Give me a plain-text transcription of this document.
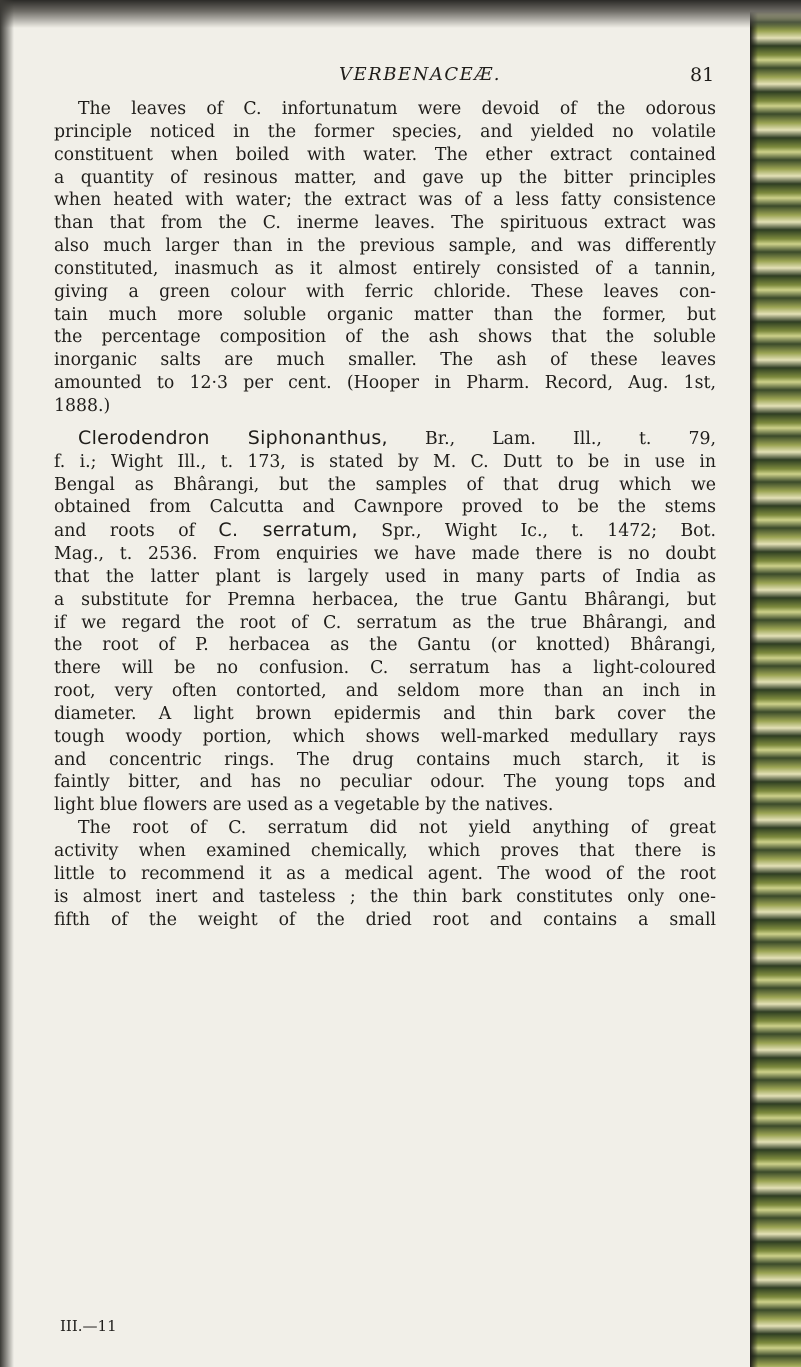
VERBENACEÆ.	81

The leaves of C. infortunatum were devoid of the odorous
principle noticed in the former species, and yielded no volatile
constituent when boiled with water. The ether extract contained
a quantity of resinous matter, and gave up the bitter principles
when heated with water; the extract was of a less fatty consistence
than that from the C. inerme leaves. The spirituous extract was
also much larger than in the previous sample, and was differently
constituted, inasmuch as it almost entirely consisted of a tannin,
giving a green colour with ferric chloride. These leaves con-
tain much more soluble organic matter than the former, but
the percentage composition of the ash shows that the soluble
inorganic salts are much smaller. The ash of these leaves
amounted to 12·3 per cent. (Hooper in Pharm. Record, Aug. 1st,
1888.)

Clerodendron Siphonanthus, Br., Lam. Ill., t. 79,
f. i.; Wight Ill., t. 173, is stated by M. C. Dutt to be in use in
Bengal as Bhârangi, but the samples of that drug which we
obtained from Calcutta and Cawnpore proved to be the stems
and roots of C. serratum, Spr., Wight Ic., t. 1472; Bot.
Mag., t. 2536. From enquiries we have made there is no doubt
that the latter plant is largely used in many parts of India as
a substitute for Premna herbacea, the true Gantu Bhârangi, but
if we regard the root of C. serratum as the true Bhârangi, and
the root of P. herbacea as the Gantu (or knotted) Bhârangi,
there will be no confusion. C. serratum has a light-coloured
root, very often contorted, and seldom more than an inch in
diameter. A light brown epidermis and thin bark cover the
tough woody portion, which shows well-marked medullary rays
and concentric rings. The drug contains much starch, it is
faintly bitter, and has no peculiar odour. The young tops and
light blue flowers are used as a vegetable by the natives.

The root of C. serratum did not yield anything of great
activity when examined chemically, which proves that there is
little to recommend it as a medical agent. The wood of the root
is almost inert and tasteless ; the thin bark constitutes only one-
fifth of the weight of the dried root and contains a small

III.—11
